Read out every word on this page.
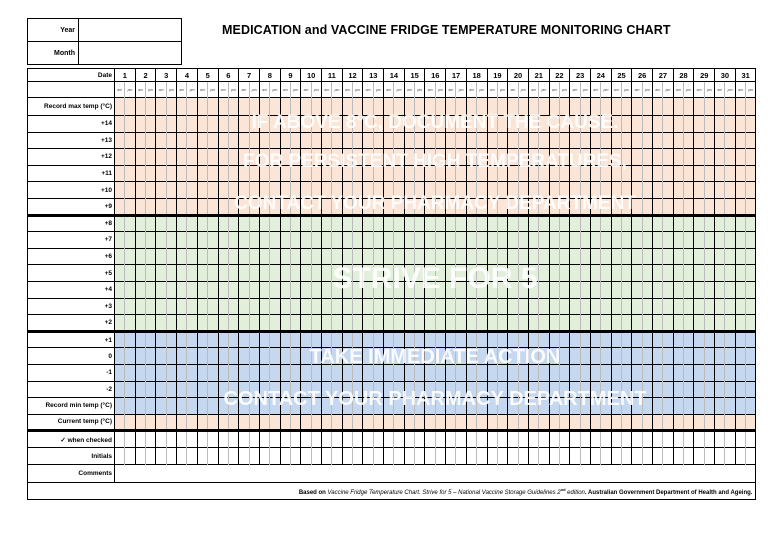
Year	
Month	
MEDICATION and VACCINE FRIDGE TEMPERATURE MONITORING CHART
Date	1		2		3		4		5		6		7		8		9		10		11		12		13		14		15		16		17		18		19		20		21		22		23		24		25		26		27		28		29		30		31	
	am	pm	am	pm	am	pm	am	pm	am	pm	am	pm	am	pm	am	pm	am	pm	am	pm	am	pm	am	pm	am	pm	am	pm	am	pm	am	pm	am	pm	am	pm	am	pm	am	pm	am	pm	am	pm	am	pm	am	pm	am	pm	am	pm	am	pm	am	pm	am	pm	am	pm	am	pm
Record max temp (°C)																																																														
+14																																																														
+13																																																														
+12																																																														
+11																																																														
+10																																																														
+9																																																														
+8																																																														
+7																																																														
+6																																																														
+5																																																														
+4																																																														
+3																																																														
+2																																																														
+1																																																														
0																																																														
-1																																																														
-2																																																														
Record min temp (°C)																																																														
Current temp (°C)																																																														
✓ when checked																																																														
Initials																																																														
Comments																																																														
Based on Vaccine Fridge Temperature Chart. Strive for 5 – National Vaccine Storage Guidelines 2nd edition. Australian Government Department of Health and Ageing.																																																														
IF ABOVE 8°C, DOCUMENT THE CAUSE.
FOR PERSISTENT HIGH TEMPERATURES,
CONTACT YOUR PHARMACY DEPARTMENT
STRIVE FOR 5
TAKE IMMEDIATE ACTION
CONTACT YOUR PHARMACY DEPARTMENT
